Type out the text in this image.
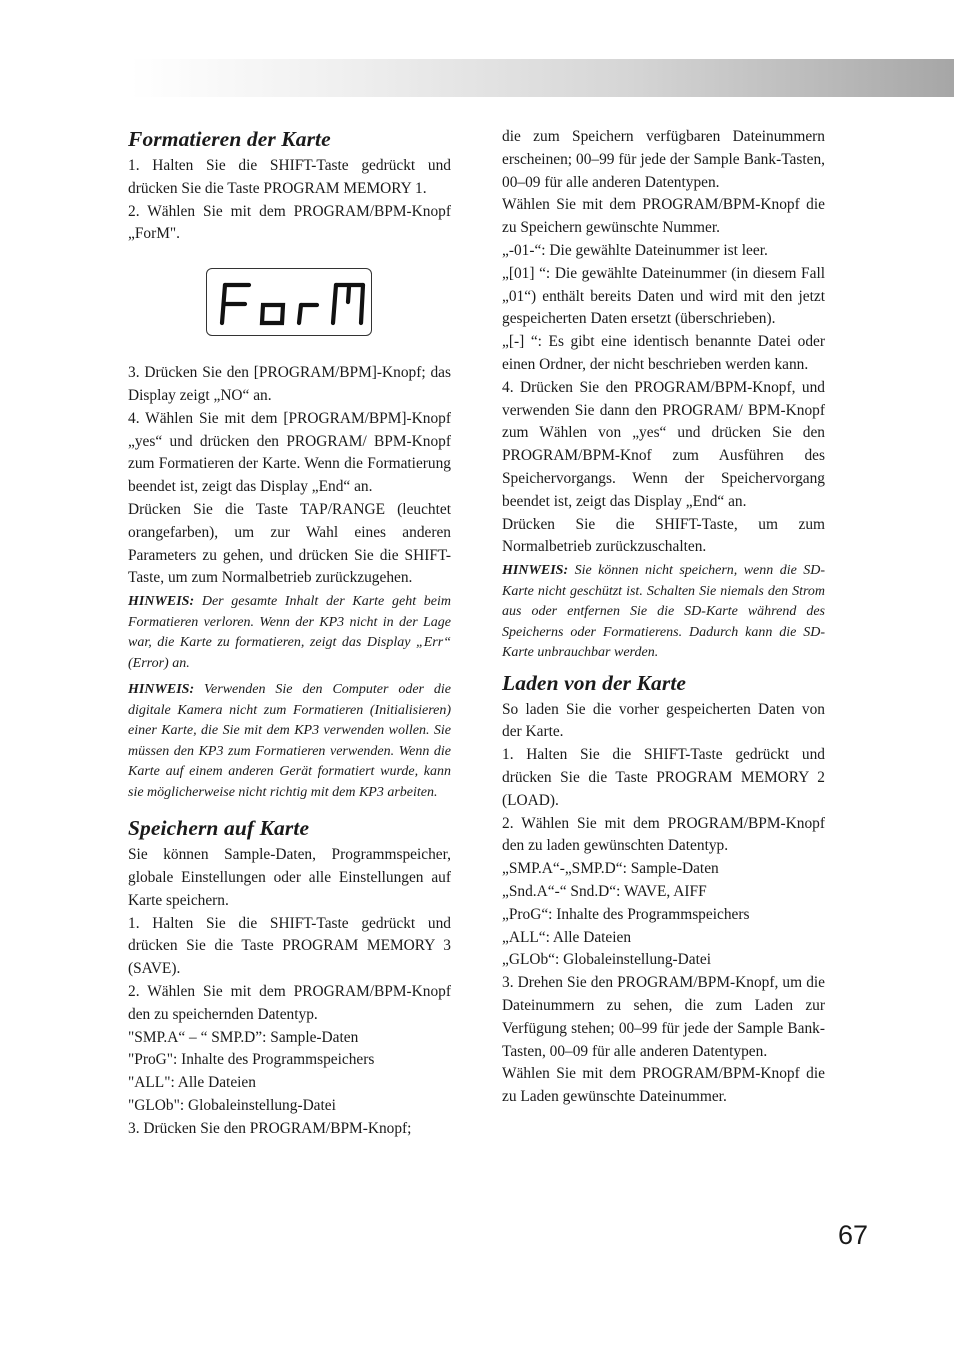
Formatieren der Karte

1. Halten Sie die SHIFT-Taste gedrückt und drücken Sie die Taste PROGRAM MEMORY 1.

2. Wählen Sie mit dem PROGRAM/BPM-Knopf „ForM".

3. Drücken Sie den [PROGRAM/BPM]-Knopf; das Display zeigt „NO“ an.

4. Wählen Sie mit dem [PROGRAM/BPM]-Knopf „yes“ und drücken den PROGRAM/ BPM-Knopf zum Formatieren der Karte. Wenn die Formatierung beendet ist, zeigt das Display „End“ an.

Drücken Sie die Taste TAP/RANGE (leuchtet orangefarben), um zur Wahl eines anderen Parameters zu gehen, und drücken Sie die SHIFT-Taste, um zum Normalbetrieb zurückzugehen.

HINWEIS: Der gesamte Inhalt der Karte geht beim Formatieren verloren. Wenn der KP3 nicht in der Lage war, die Karte zu formatieren, zeigt das Display „Err“ (Error) an.

HINWEIS: Verwenden Sie den Computer oder die digitale Kamera nicht zum Formatieren (Initialisieren) einer Karte, die Sie mit dem KP3 verwenden wollen. Sie müssen den KP3 zum Formatieren verwenden. Wenn die Karte auf einem anderen Gerät formatiert wurde, kann sie möglicherweise nicht richtig mit dem KP3 arbeiten.

Speichern auf Karte

Sie können Sample-Daten, Programmspeicher, globale Einstellungen oder alle Einstellungen auf Karte speichern.

1. Halten Sie die SHIFT-Taste gedrückt und drücken Sie die Taste PROGRAM MEMORY 3 (SAVE).

2. Wählen Sie mit dem PROGRAM/BPM-Knopf den zu speichernden Datentyp.

"SMP.A“ – “ SMP.D”: Sample-Daten

"ProG": Inhalte des Programmspeichers

"ALL": Alle Dateien

"GLOb": Globaleinstellung-Datei

3. Drücken Sie den PROGRAM/BPM-Knopf;

die zum Speichern verfügbaren Dateinummern erscheinen; 00–99 für jede der Sample Bank-Tasten, 00–09 für alle anderen Datentypen.

Wählen Sie mit dem PROGRAM/BPM-Knopf die zu Speichern gewünschte Nummer.

„-01-“: Die gewählte Dateinummer ist leer.

„[01] “: Die gewählte Dateinummer (in diesem Fall „01“) enthält bereits Daten und wird mit den jetzt gespeicherten Daten ersetzt (überschrieben).

„[-] “: Es gibt eine identisch benannte Datei oder einen Ordner, der nicht beschrieben werden kann.

4. Drücken Sie den PROGRAM/BPM-Knopf, und verwenden Sie dann den PROGRAM/ BPM-Knopf zum Wählen von „yes“ und drücken Sie den PROGRAM/BPM-Knof zum Ausführen des Speichervorgangs. Wenn der Speichervorgang beendet ist, zeigt das Display „End“ an.

Drücken Sie die SHIFT-Taste, um zum Normalbetrieb zurückzuschalten.

HINWEIS: Sie können nicht speichern, wenn die SD-Karte nicht geschützt ist. Schalten Sie niemals den Strom aus oder entfernen Sie die SD-Karte während des Speicherns oder Formatierens. Dadurch kann die SD-Karte unbrauchbar werden.

Laden von der Karte

So laden Sie die vorher gespeicherten Daten von der Karte.

1. Halten Sie die SHIFT-Taste gedrückt und drücken Sie die Taste PROGRAM MEMORY 2 (LOAD).

2. Wählen Sie mit dem PROGRAM/BPM-Knopf den zu laden gewünschten Datentyp.

„SMP.A“-„SMP.D“: Sample-Daten

„Snd.A“-“ Snd.D“: WAVE, AIFF

„ProG“: Inhalte des Programmspeichers

„ALL“: Alle Dateien

„GLOb“: Globaleinstellung-Datei

3. Drehen Sie den PROGRAM/BPM-Knopf, um die Dateinummern zu sehen, die zum Laden zur Verfügung stehen; 00–99 für jede der Sample Bank-Tasten, 00–09 für alle anderen Datentypen.

Wählen Sie mit dem PROGRAM/BPM-Knopf die zu Laden gewünschte Dateinummer.

67
